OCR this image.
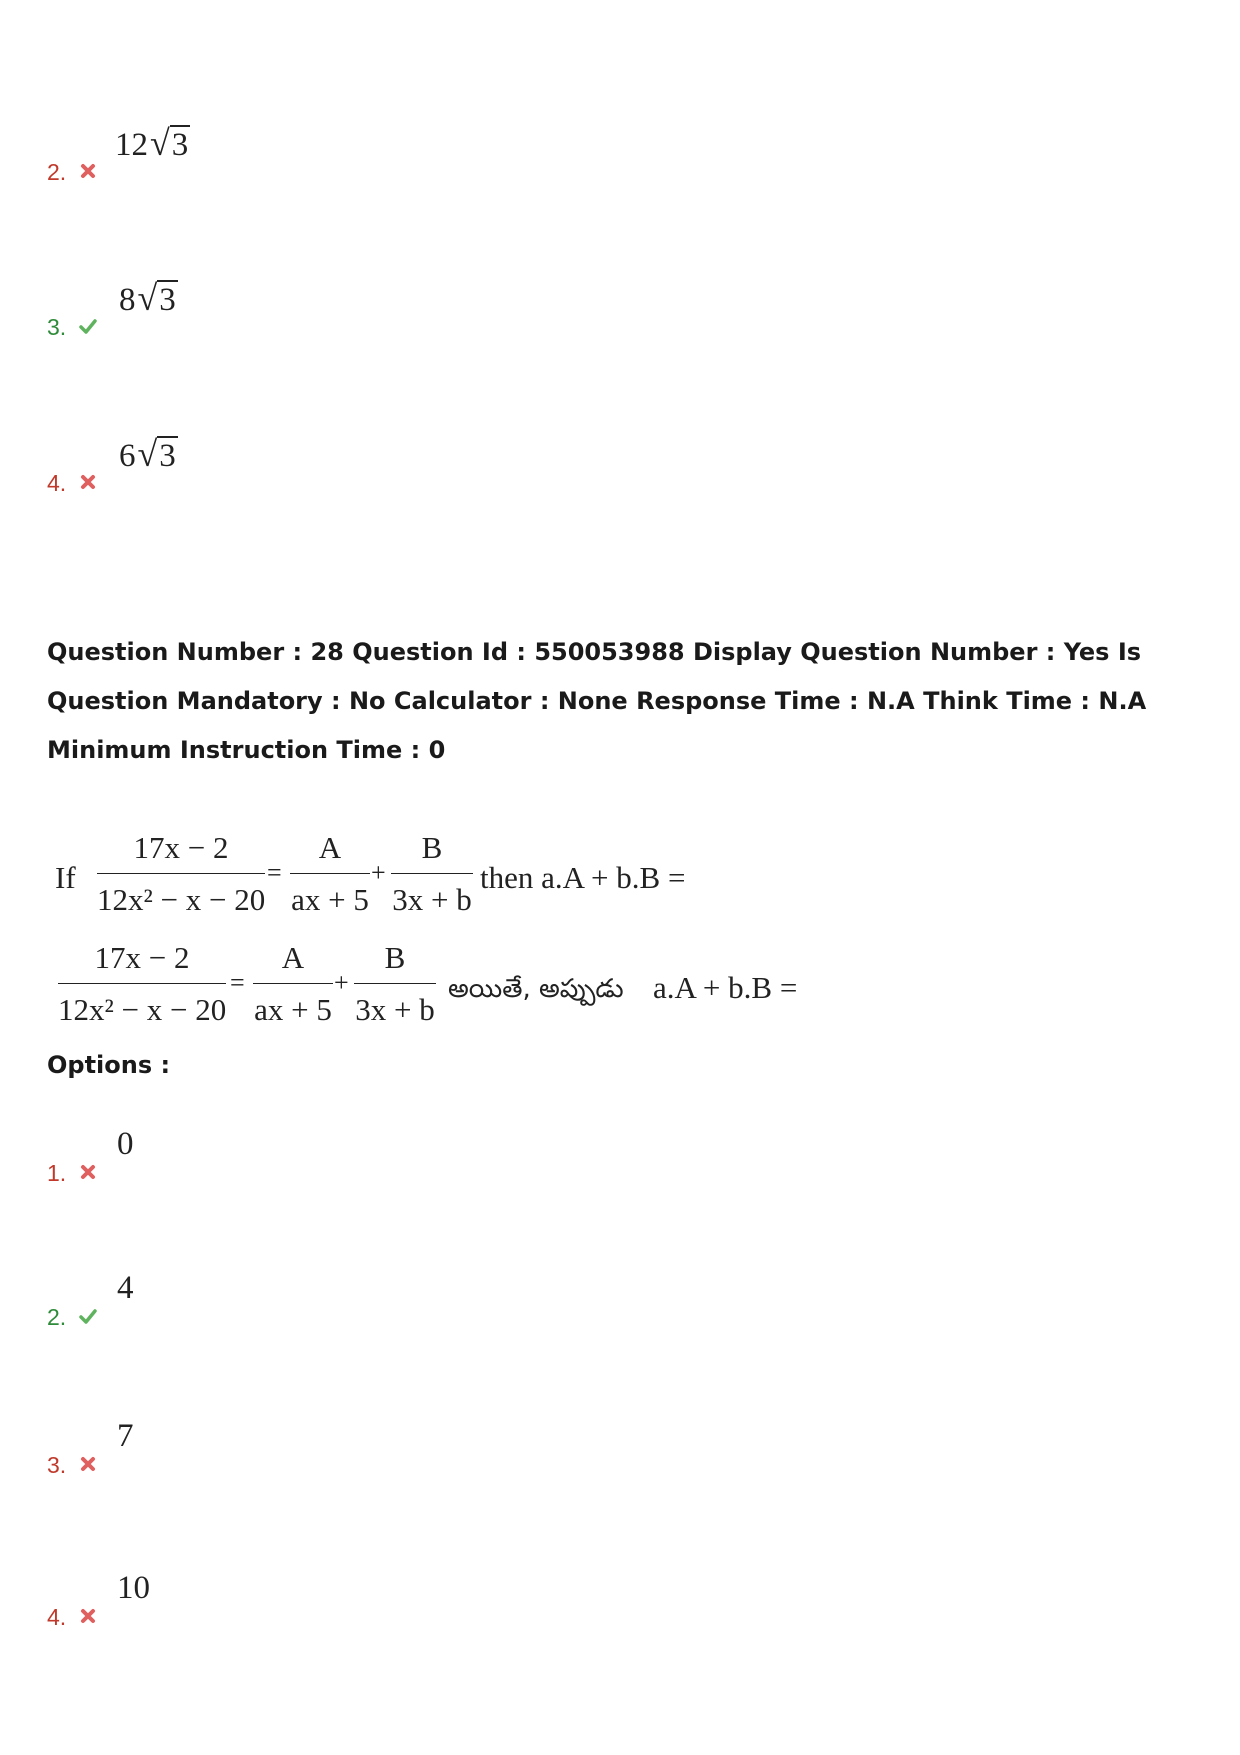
2.
12 √ 3
3.
8 √ 3
4.
6 √ 3
Question Number : 28 Question Id : 550053988 Display Question Number : Yes Is Question Mandatory : No Calculator : None Response Time : N.A Think Time : N.A Minimum Instruction Time : 0
If
17x − 2
12x² − x − 20
=
A
ax + 5
+
B
3x + b
then a.A + b.B =
17x − 2
12x² − x − 20
=
A
ax + 5
+
B
3x + b
అయితే, అప్పుడు a.A + b.B =
Options :
1.
0
2.
4
3.
7
4.
10
